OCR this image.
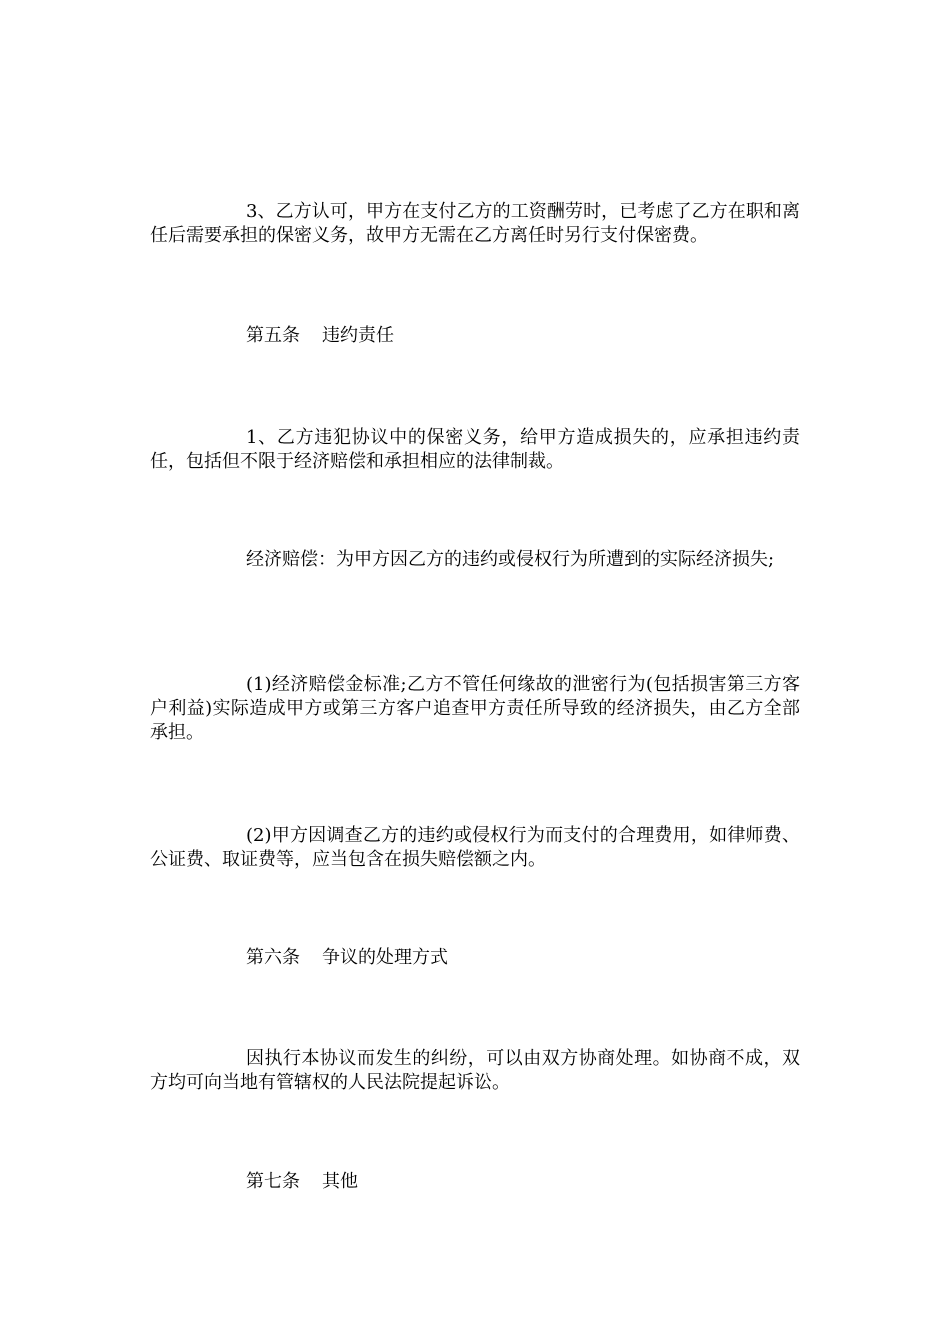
3、乙方认可，甲方在支付乙方的工资酬劳时，已考虑了乙方在职和离任后需要承担的保密义务，故甲方无需在乙方离任时另行支付保密费。

第五条 违约责任

1、乙方违犯协议中的保密义务，给甲方造成损失的，应承担违约责任，包括但不限于经济赔偿和承担相应的法律制裁。

经济赔偿：为甲方因乙方的违约或侵权行为所遭到的实际经济损失;

(1)经济赔偿金标准;乙方不管任何缘故的泄密行为(包括损害第三方客户利益)实际造成甲方或第三方客户追查甲方责任所导致的经济损失，由乙方全部承担。

(2)甲方因调查乙方的违约或侵权行为而支付的合理费用，如律师费、公证费、取证费等，应当包含在损失赔偿额之内。

第六条 争议的处理方式

因执行本协议而发生的纠纷，可以由双方协商处理。如协商不成，双方均可向当地有管辖权的人民法院提起诉讼。

第七条 其他
